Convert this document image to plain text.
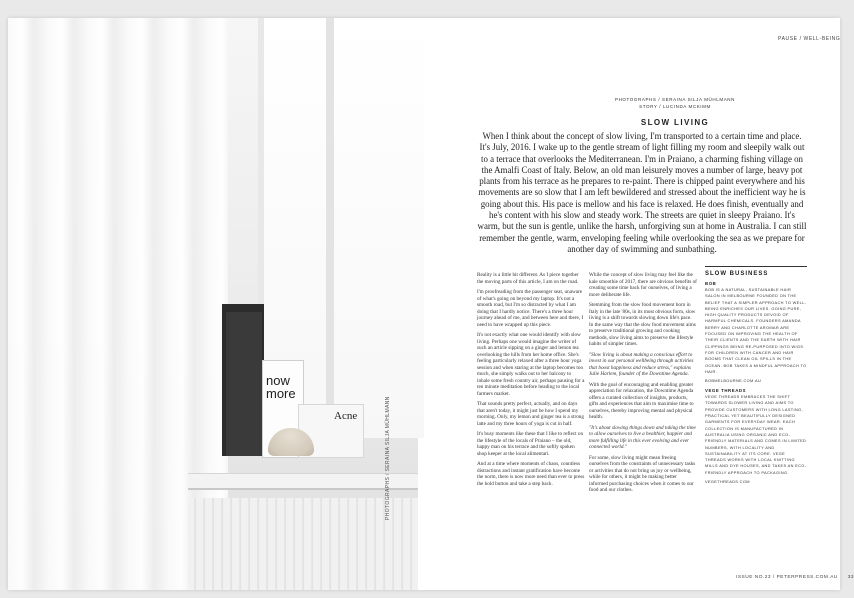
now more
Acne	PHOTOGRAPHS / SERAINA SILJA MÜHLMANN
PAUSE / WELL-BEING
PHOTOGRAPHS / SERAINA SILJA MÜHLMANN
STORY / LUCINDA MCKIMM
SLOW LIVING
When I think about the concept of slow living, I'm transported to a certain time and place. It's July, 2016. I wake up to the gentle stream of light filling my room and sleepily walk out to a terrace that overlooks the Mediterranean. I'm in Praiano, a charming fishing village on the Amalfi Coast of Italy. Below, an old man leisurely moves a number of large, heavy pot plants from his terrace as he prepares to re-paint. There is chipped paint everywhere and his movements are so slow that I am left bewildered and stressed about the inefficient way he is going about this. His pace is mellow and his face is relaxed. He does finish, eventually and he's content with his slow and steady work. The streets are quiet in sleepy Praiano. It's warm, but the sun is gentle, unlike the harsh, unforgiving sun at home in Australia. I can still remember the gentle, warm, enveloping feeling while overlooking the sea as we prepare for another day of swimming and sunbathing.

Reality is a little bit different. As I piece together the moving parts of this article, I am on the road.

I'm proofreading from the passenger seat, unaware of what's going on beyond my laptop. It's not a smooth road, but I'm so distracted by what I am doing that I hardly notice. There's a three hour journey ahead of me, and between here and there, I need to have wrapped up this piece.

It's not exactly what one would identify with slow living. Perhaps one would imagine the writer of such an article sipping on a ginger and lemon tea overlooking the hills from her home office. She's feeling particularly relaxed after a three hour yoga session and when staring at the laptop becomes too much, she simply walks out to her balcony to inhale some fresh country air, perhaps pausing for a ten minute meditation before heading to the local farmers market.

That sounds pretty perfect, actually, and on days that aren't today, it might just be how I spend my morning. Only, my lemon and ginger tea is a strong latte and my three hours of yoga is cut in half.

It's busy moments like these that I like to reflect on the lifestyle of the locals of Praiano – the old, happy man on his terrace and the softly spoken shop keeper at the local alimentari.

And at a time where moments of chaos, countless distractions and instant gratification have become the norm, there is now more need than ever to press the hold button and take a step back.

While the concept of slow living may feel like the kale smoothie of 2017, there are obvious benefits of creating some time back for ourselves, of living a more deliberate life.

Stemming from the slow food movement born in Italy in the late '80s, in its most obvious form, slow living is a shift towards slowing down life's pace. In the same way that the slow food movement aims to preserve traditional growing and cooking methods, slow living aims to preserve the lifestyle habits of simpler times.

"Slow living is about making a conscious effort to invest in our personal wellbeing through activities that boost happiness and reduce stress," explains Julie Harlem, founder of the Downtime Agenda.

With the goal of encouraging and enabling greater appreciation for relaxation, the Downtime Agenda offers a curated collection of insights, products, gifts and experiences that aim to maximise time to ourselves, thereby improving mental and physical health.

"It's about slowing things down and taking the time to allow ourselves to live a healthier, happier and more fulfilling life in this ever evolving and ever connected world."

For some, slow living might mean freeing ourselves from the constraints of unnecessary tasks or activities that do not bring us joy or wellbeing, while for others, it might be making better informed purchasing choices when it comes to our food and our clothes.

SLOW BUSINESS
BOB
BOB IS A NATURAL, SUSTAINABLE HAIR SALON IN MELBOURNE FOUNDED ON THE BELIEF THAT A SIMPLER APPROACH TO WELL-BEING ENRICHES OUR LIVES. GOING PURE, HIGH QUALITY PRODUCTS DEVOID OF HARMFUL CHEMICALS. FOUNDERS AMANDA BERRY AND CHARLOTTE AROMAR ARE FOCUSED ON IMPROVING THE HEALTH OF THEIR CLIENTS AND THE EARTH WITH HAIR CLIPPINGS BEING RE-PURPOSED INTO WIGS FOR CHILDREN WITH CANCER AND HAIR BOOMS THAT CLEAN OIL SPILLS IN THE OCEAN. BOB TAKES A MINDFUL APPROACH TO HAIR.
BOBMELBOURNE.COM.AU
VEGE THREADS
VEGE THREADS EMBRACES THE SHIFT TOWARDS SLOWER LIVING AND AIMS TO PROVIDE CUSTOMERS WITH LONG LASTING, PRACTICAL YET BEAUTIFULLY DESIGNED GARMENTS FOR EVERYDAY WEAR. EACH COLLECTION IS MANUFACTURED IN AUSTRALIA USING ORGANIC AND ECO-FRIENDLY MATERIALS AND COMES IN LIMITED NUMBERS, WITH LOCALITY AND SUSTAINABILITY AT ITS CORE. VEGE THREADS WORKS WITH LOCAL KNITTING MILLS AND DYE HOUSES, AND TAKES AN ECO-FRIENDLY APPROACH TO PACKAGING.
VEGETHREADS.COM
ISSUE NO.23 / PETERPRESS.COM.AU 33
